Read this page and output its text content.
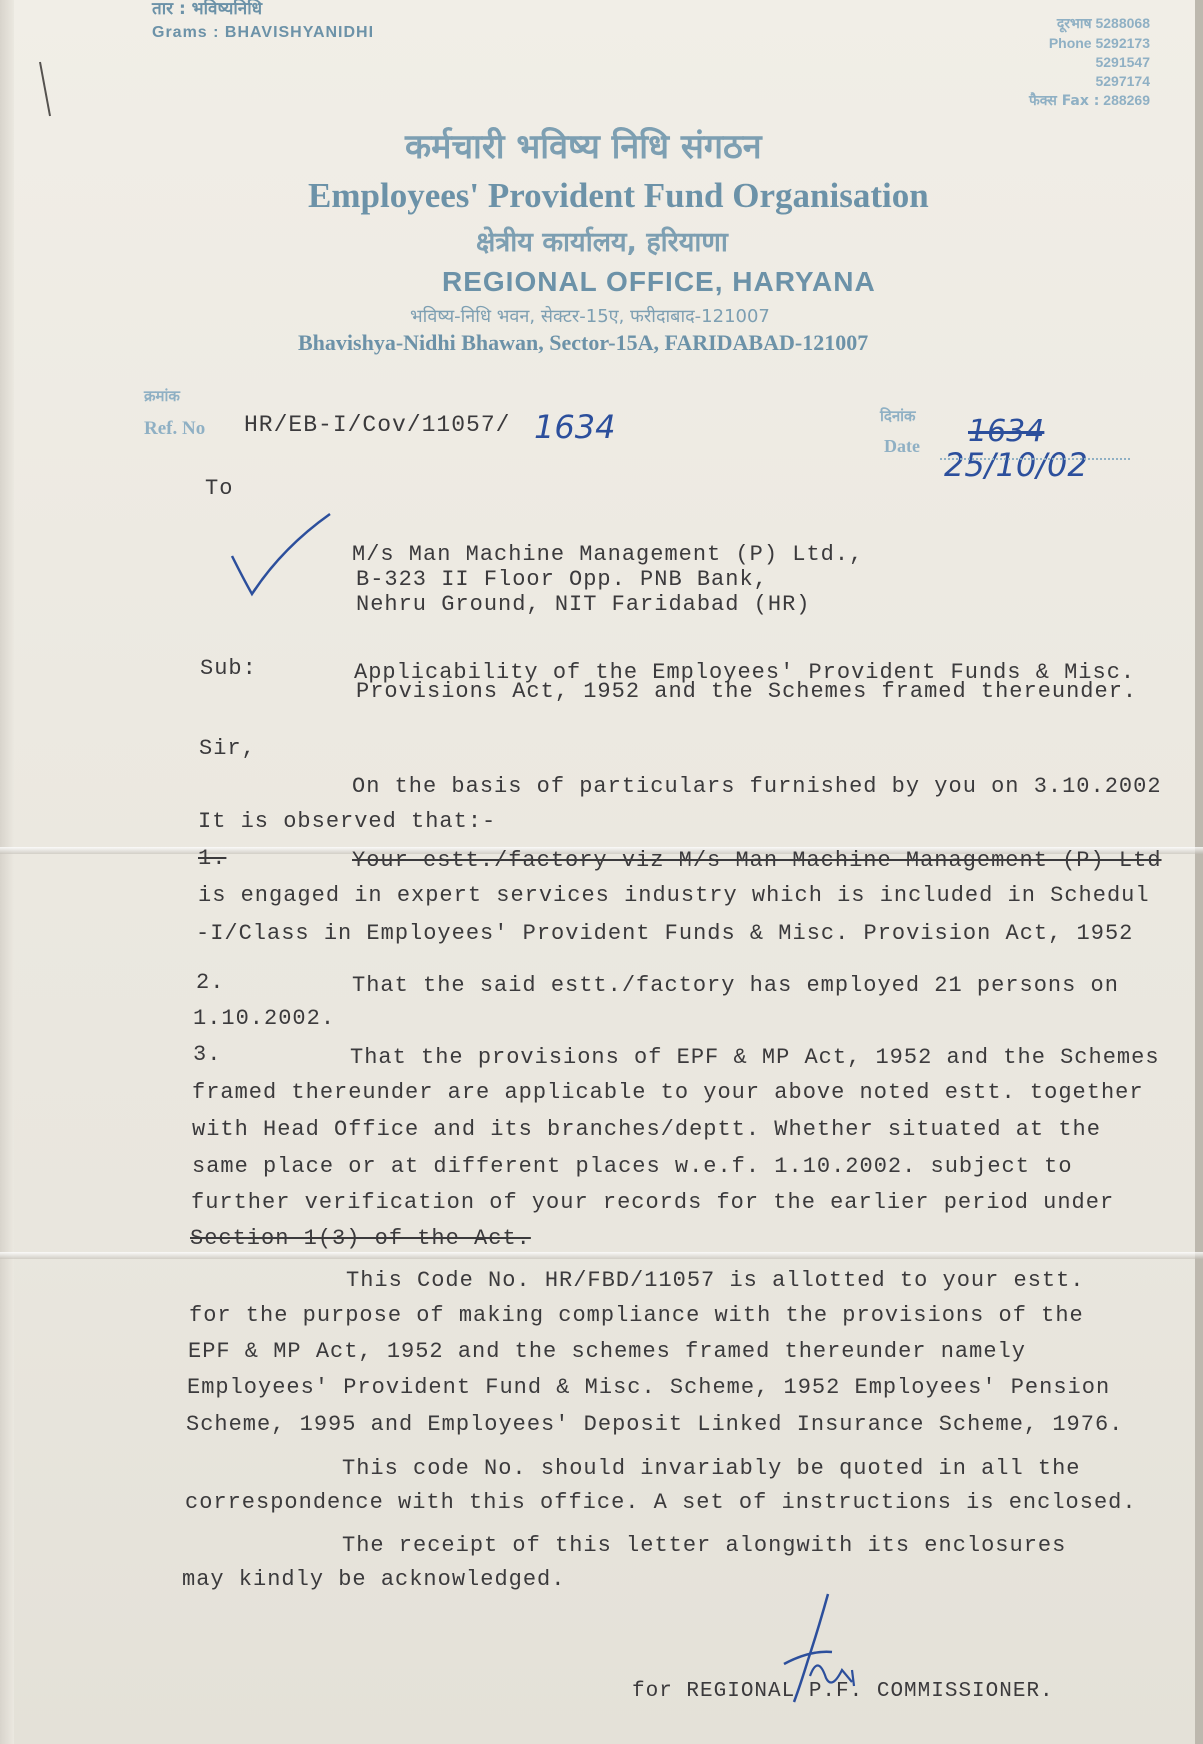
तार : भविष्यनिधि
Grams : BHAVISHYANIDHI	दूरभाष 5288068
Phone 5292173
5291547
5297174
फैक्स Fax : 288269
कर्मचारी भविष्य निधि संगठन
Employees' Provident Fund Organisation
क्षेत्रीय कार्यालय, हरियाणा
REGIONAL OFFICE, HARYANA
भविष्य-निधि भवन, सेक्टर-15ए, फरीदाबाद-121007
Bhavishya-Nidhi Bhawan, Sector-15A, FARIDABAD-121007
क्रमांक
Ref. No HR/EB-I/Cov/11057/ 1634	दिनांक
Date 1634
25/10/02
To
M/s Man Machine Management (P) Ltd.,
B-323 II Floor Opp. PNB Bank,
Nehru Ground, NIT Faridabad (HR)
Sub:	Applicability of the Employees' Provident Funds & Misc.
Provisions Act, 1952 and the Schemes framed thereunder.
Sir,
On the basis of particulars furnished by you on 3.10.2002
It is observed that:-
1.	Your estt./factory viz M/s Man Machine Management (P) Ltd
is engaged in expert services industry which is included in Schedul
-I/Class in Employees' Provident Funds & Misc. Provision Act, 1952
2.	That the said estt./factory has employed 21 persons on
1.10.2002.
3.	That the provisions of EPF & MP Act, 1952 and the Schemes
framed thereunder are applicable to your above noted estt. together
with Head Office and its branches/deptt. Whether situated at the
same place or at different places w.e.f. 1.10.2002. subject to
further verification of your records for the earlier period under
Section 1(3) of the Act.
This Code No. HR/FBD/11057 is allotted to your estt.
for the purpose of making compliance with the provisions of the
EPF & MP Act, 1952 and the schemes framed thereunder namely
Employees' Provident Fund & Misc. Scheme, 1952 Employees' Pension
Scheme, 1995 and Employees' Deposit Linked Insurance Scheme, 1976.
This code No. should invariably be quoted in all the
correspondence with this office. A set of instructions is enclosed.
The receipt of this letter alongwith its enclosures
may kindly be acknowledged.
for REGIONAL P.F. COMMISSIONER.
